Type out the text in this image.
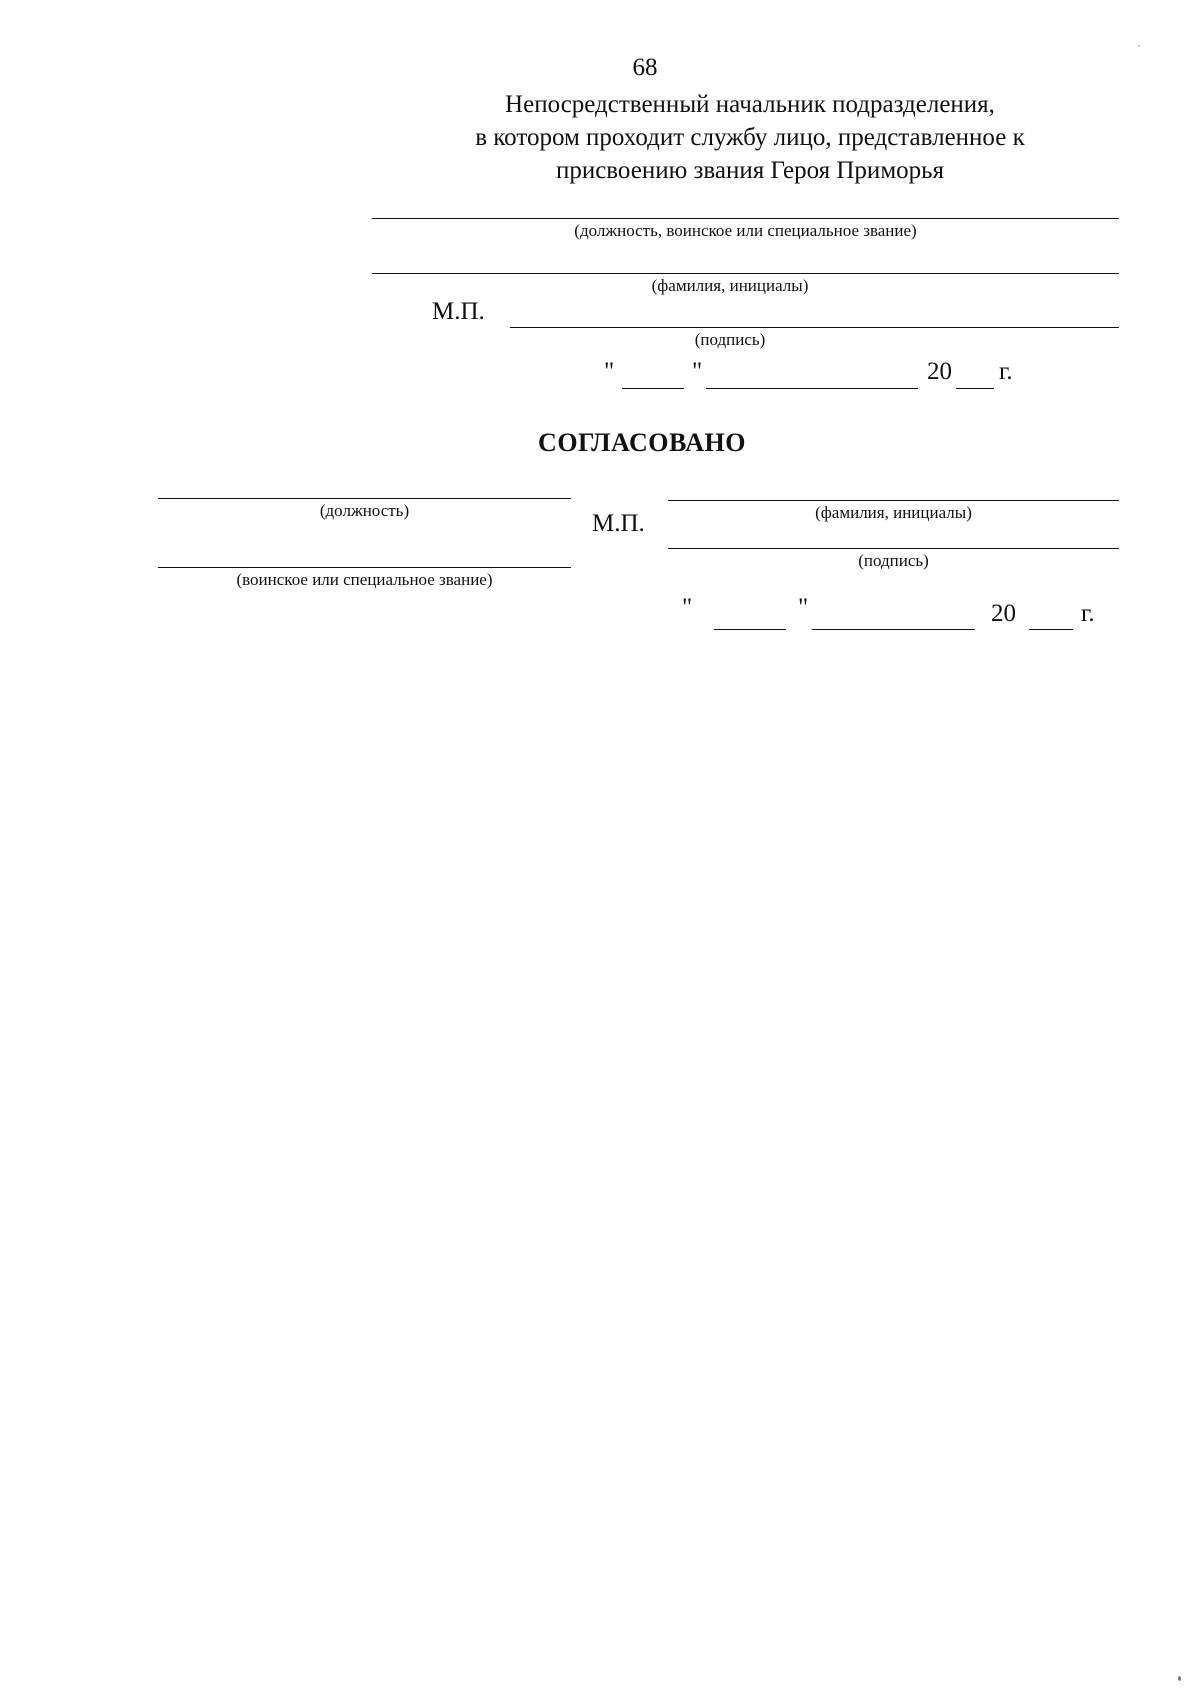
68
Непосредственный начальник подразделения,
в котором проходит службу лицо, представленное к
присвоению звания Героя Приморья
(должность, воинское или специальное звание)
(фамилия, инициалы)
М.П.
(подпись)
"	"	20 г.
СОГЛАСОВАНО
(должность)
(воинское или специальное звание)
М.П.	(фамилия, инициалы)
(подпись)
"	"	20	г.
